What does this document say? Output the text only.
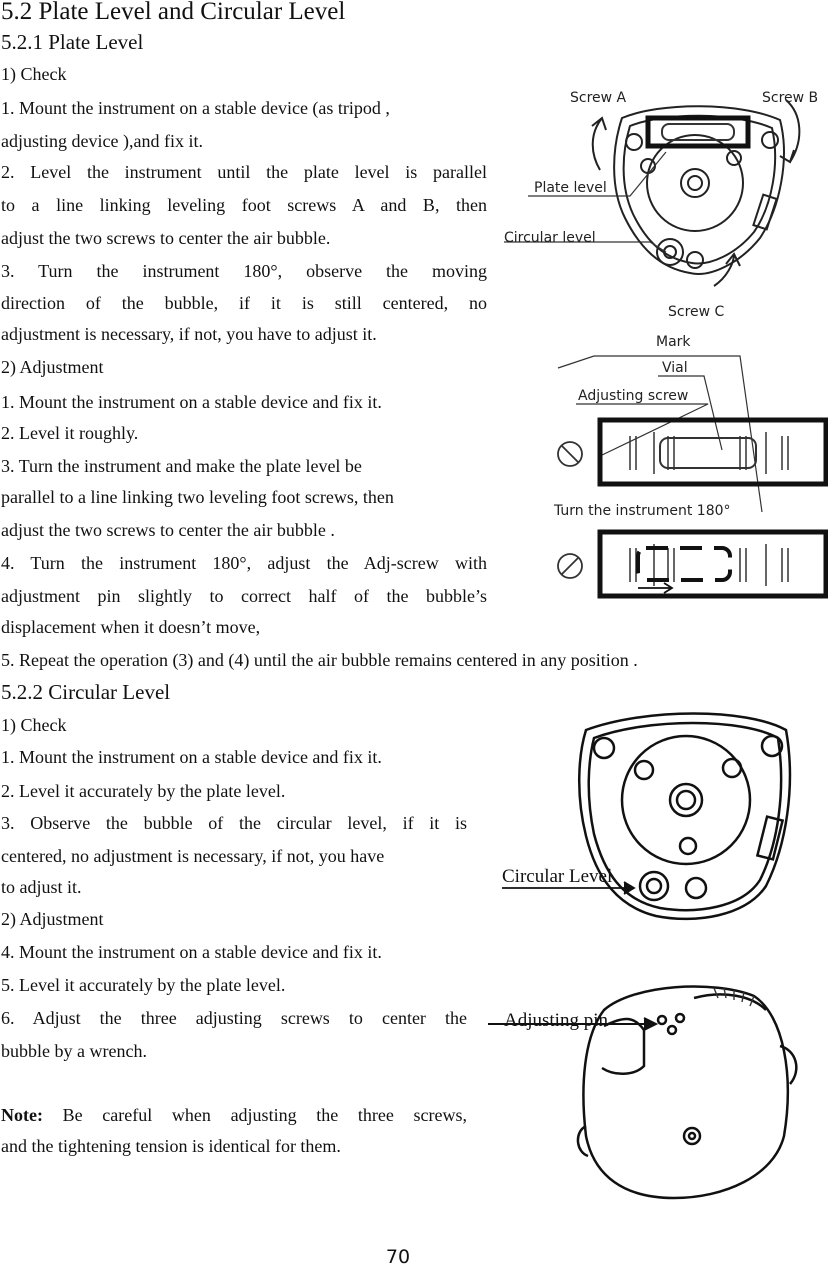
5.2 Plate Level and Circular Level
5.2.1 Plate Level
1) Check
1. Mount the instrument on a stable device (as tripod ,
adjusting device ),and fix it.
2. Level the instrument until the plate level is parallel
to a line linking leveling foot screws A and B, then
adjust the two screws to center the air bubble.
3. Turn the instrument 180°, observe the moving
direction of the bubble, if it is still centered, no
adjustment is necessary, if not, you have to adjust it.
2) Adjustment
1. Mount the instrument on a stable device and fix it.
2. Level it roughly.
3. Turn the instrument and make the plate level be
parallel to a line linking two leveling foot screws, then
adjust the two screws to center the air bubble .
4. Turn the instrument 180°, adjust the Adj-screw with
adjustment pin slightly to correct half of the bubble’s
displacement when it doesn’t move,
5. Repeat the operation (3) and (4) until the air bubble remains centered in any position .
5.2.2 Circular Level
1) Check
1. Mount the instrument on a stable device and fix it.
2. Level it accurately by the plate level.
3. Observe the bubble of the circular level, if it is
centered, no adjustment is necessary, if not, you have
to adjust it.
2) Adjustment
4. Mount the instrument on a stable device and fix it.
5. Level it accurately by the plate level.
6. Adjust the three adjusting screws to center the
bubble by a wrench.
Note: Be careful when adjusting the three screws,
and the tightening tension is identical for them.
Screw A	Screw B
Plate level
Circular level
Screw C
Mark
Vial
Adjusting screw
Turn the instrument 180°
Circular Level
Adjusting pin
70
